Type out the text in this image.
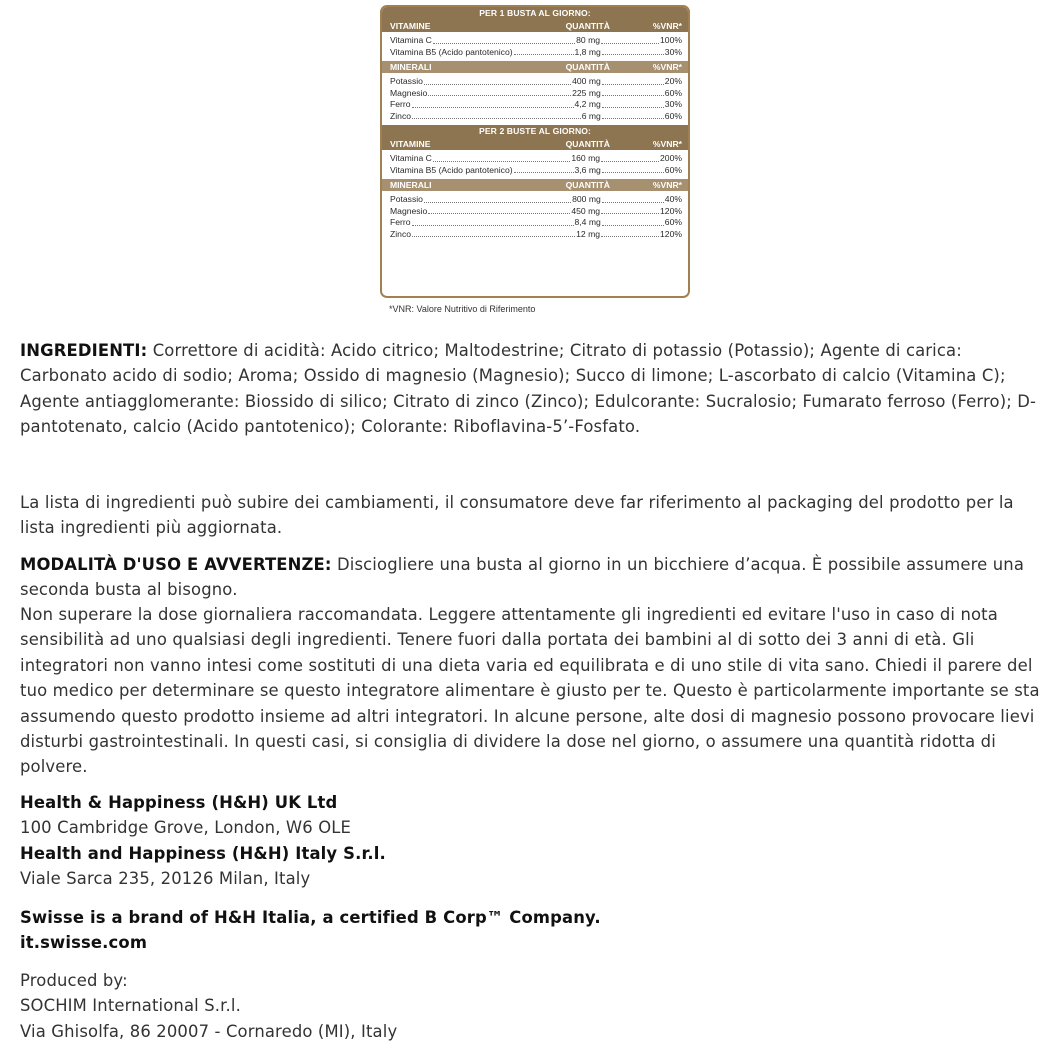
PER 1 BUSTA AL GIORNO:
VITAMINE	QUANTITÀ	%VNR*
Vitamina C	80 mg	100%
Vitamina B5 (Acido pantotenico)	1,8 mg	30%
MINERALI	QUANTITÀ	%VNR*
Potassio	400 mg	20%
Magnesio	225 mg	60%
Ferro	4,2 mg	30%
Zinco	6 mg	60%
PER 2 BUSTE AL GIORNO:
VITAMINE	QUANTITÀ	%VNR*
Vitamina C	160 mg	200%
Vitamina B5 (Acido pantotenico)	3,6 mg	60%
MINERALI	QUANTITÀ	%VNR*
Potassio	800 mg	40%
Magnesio	450 mg	120%
Ferro	8,4 mg	60%
Zinco	12 mg	120%
*VNR: Valore Nutritivo di Riferimento

INGREDIENTI: Correttore di acidità: Acido citrico; Maltodestrine; Citrato di potassio (Potassio); Agente di carica: Carbonato acido di sodio; Aroma; Ossido di magnesio (Magnesio); Succo di limone; L-ascorbato di calcio (Vitamina C); Agente antiagglomerante: Biossido di silico; Citrato di zinco (Zinco); Edulcorante: Sucralosio; Fumarato ferroso (Ferro); D-pantotenato, calcio (Acido pantotenico); Colorante: Riboflavina-5’-Fosfato.

La lista di ingredienti può subire dei cambiamenti, il consumatore deve far riferimento al packaging del prodotto per la lista ingredienti più aggiornata.

MODALITÀ D'USO E AVVERTENZE: Disciogliere una busta al giorno in un bicchiere d’acqua. È possibile assumere una seconda busta al bisogno.

Non superare la dose giornaliera raccomandata. Leggere attentamente gli ingredienti ed evitare l'uso in caso di nota sensibilità ad uno qualsiasi degli ingredienti. Tenere fuori dalla portata dei bambini al di sotto dei 3 anni di età. Gli integratori non vanno intesi come sostituti di una dieta varia ed equilibrata e di uno stile di vita sano. Chiedi il parere del tuo medico per determinare se questo integratore alimentare è giusto per te. Questo è particolarmente importante se sta assumendo questo prodotto insieme ad altri integratori. In alcune persone, alte dosi di magnesio possono provocare lievi disturbi gastrointestinali. In questi casi, si consiglia di dividere la dose nel giorno, o assumere una quantità ridotta di polvere.

Health & Happiness (H&H) UK Ltd

100 Cambridge Grove, London, W6 OLE

Health and Happiness (H&H) Italy S.r.l.

Viale Sarca 235, 20126 Milan, Italy

Swisse is a brand of H&H Italia, a certified B Corp™ Company.

it.swisse.com

Produced by:

SOCHIM International S.r.l.

Via Ghisolfa, 86 20007 - Cornaredo (MI), Italy
